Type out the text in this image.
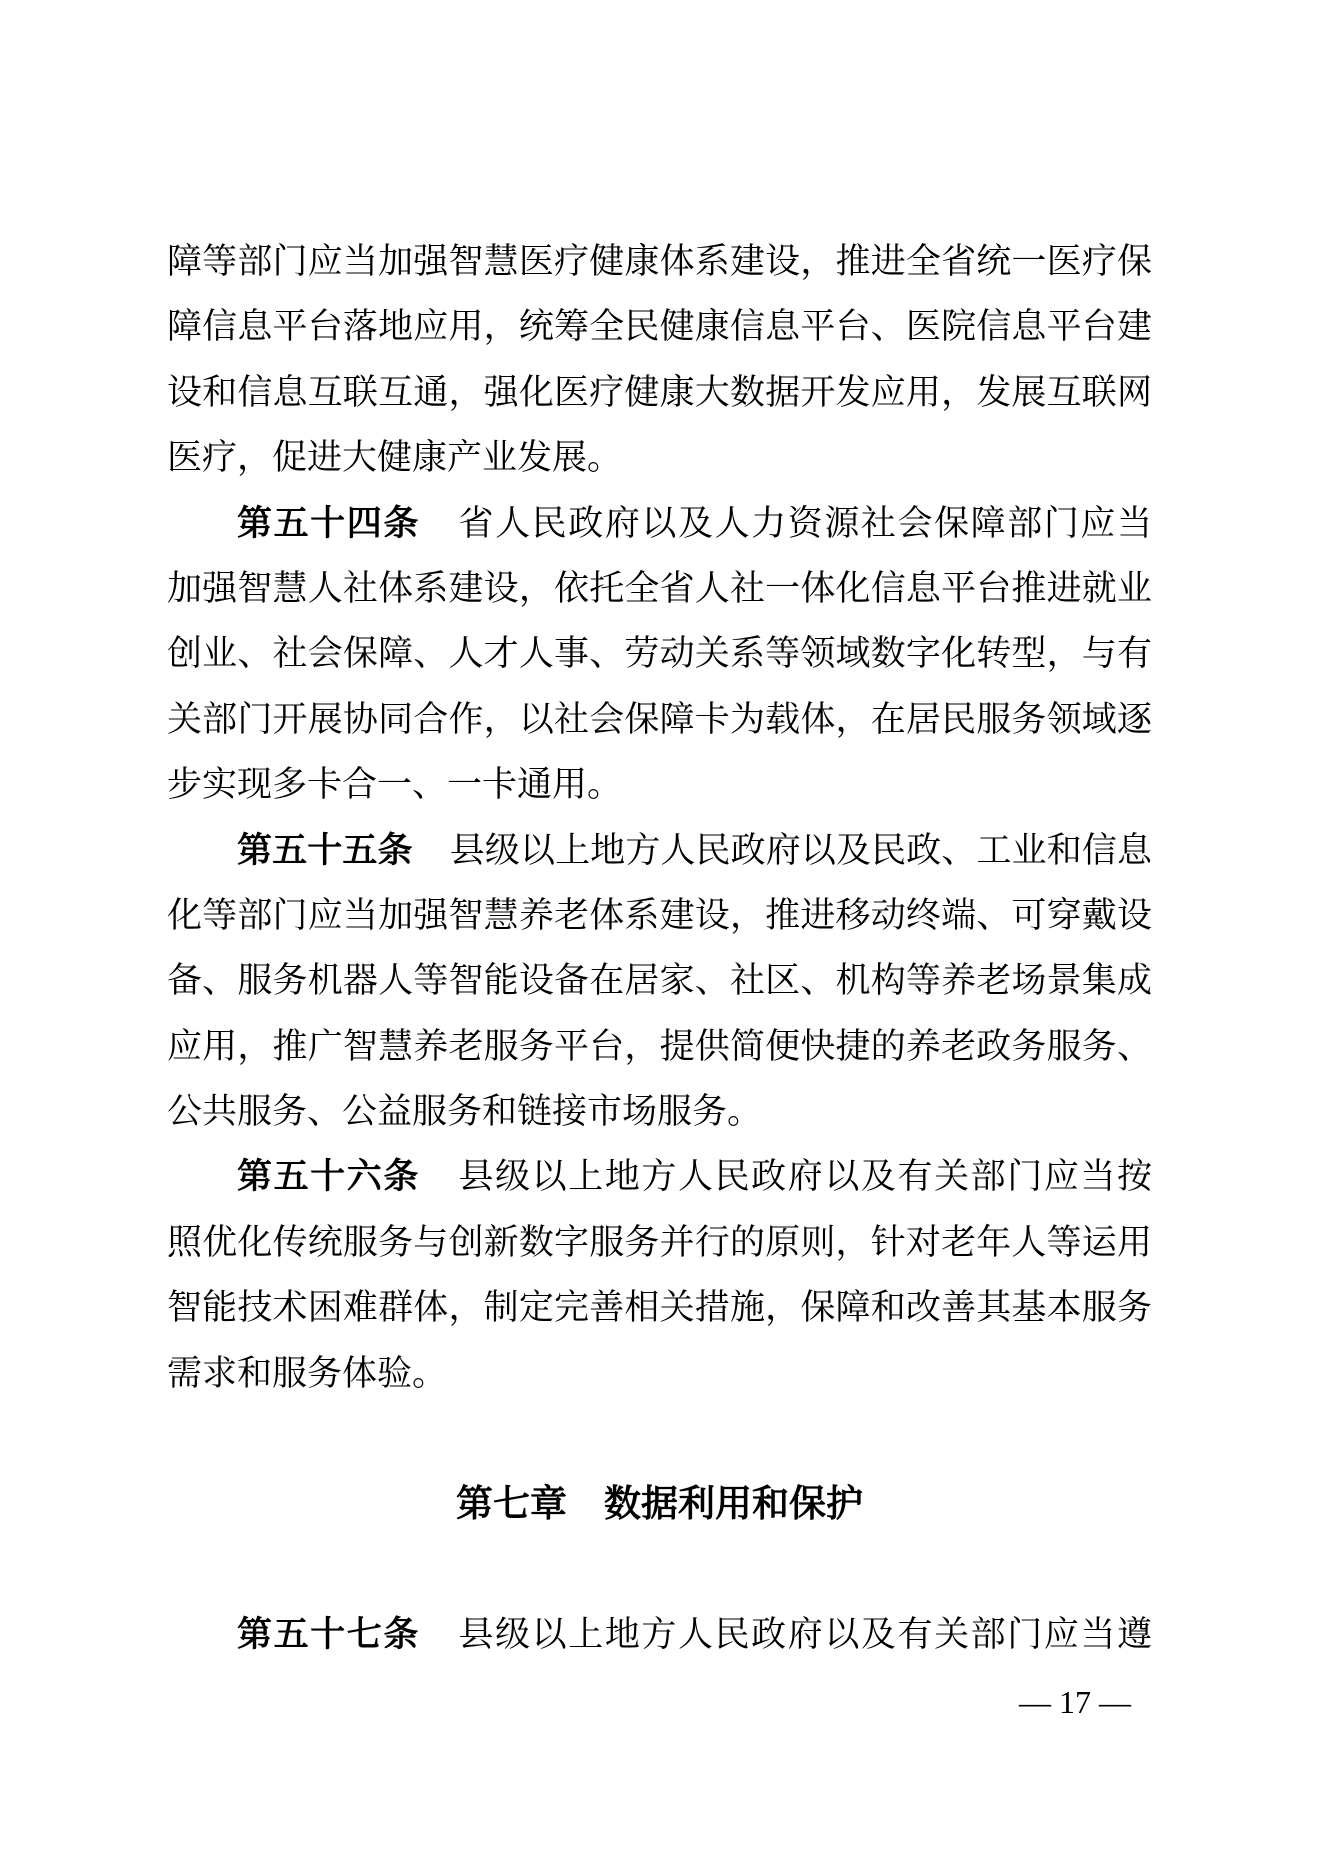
障等部门应当加强智慧医疗健康体系建设，推进全省统一医疗保
障信息平台落地应用，统筹全民健康信息平台、医院信息平台建
设和信息互联互通，强化医疗健康大数据开发应用，发展互联网
医疗，促进大健康产业发展。
第五十四条 省人民政府以及人力资源社会保障部门应当
加强智慧人社体系建设，依托全省人社一体化信息平台推进就业
创业、社会保障、人才人事、劳动关系等领域数字化转型，与有
关部门开展协同合作，以社会保障卡为载体，在居民服务领域逐
步实现多卡合一、一卡通用。
第五十五条 县级以上地方人民政府以及民政、工业和信息
化等部门应当加强智慧养老体系建设，推进移动终端、可穿戴设
备、服务机器人等智能设备在居家、社区、机构等养老场景集成
应用，推广智慧养老服务平台，提供简便快捷的养老政务服务、
公共服务、公益服务和链接市场服务。
第五十六条 县级以上地方人民政府以及有关部门应当按
照优化传统服务与创新数字服务并行的原则，针对老年人等运用
智能技术困难群体，制定完善相关措施，保障和改善其基本服务
需求和服务体验。
第七章　数据利用和保护
第五十七条 县级以上地方人民政府以及有关部门应当遵
— 17 —
